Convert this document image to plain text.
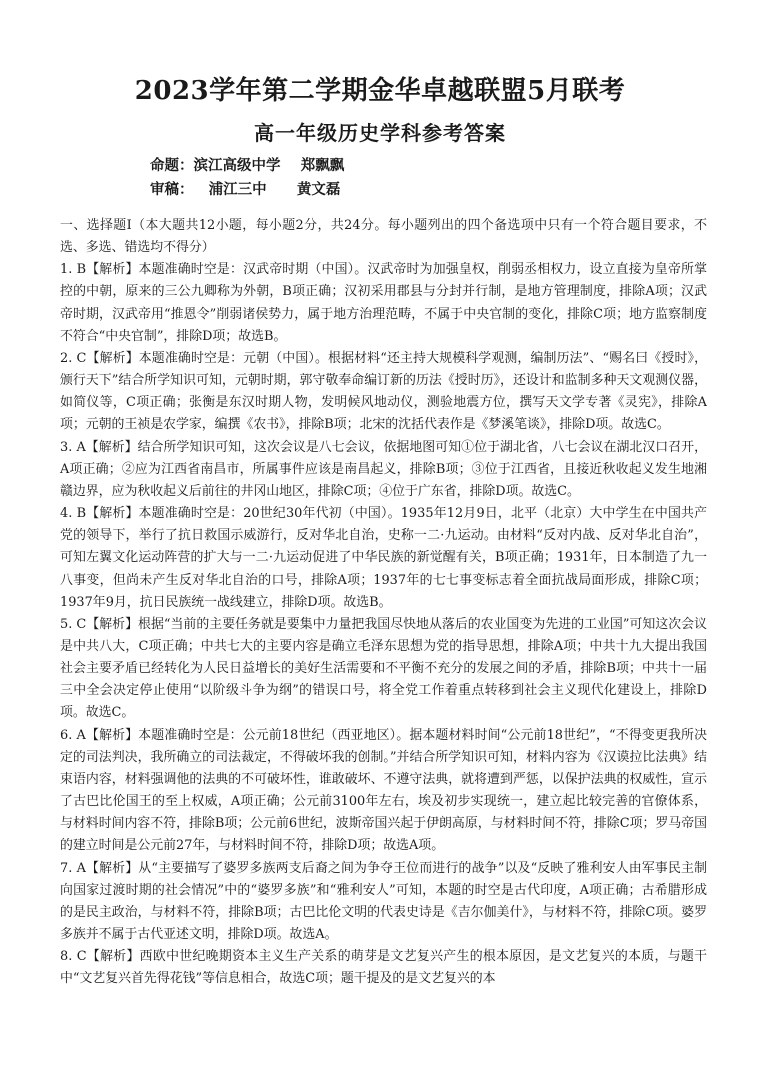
2023学年第二学期金华卓越联盟5月联考
高一年级历史学科参考答案
命题：滨江高级中学    郑飘飘
审稿：   浦江三中      黄文磊

一、选择题Ⅰ（本大题共12小题，每小题2分，共24分。每小题列出的四个备选项中只有一个符合题目要求，不选、多选、错选均不得分）

1. B【解析】本题准确时空是：汉武帝时期（中国）。汉武帝时为加强皇权，削弱丞相权力，设立直接为皇帝所掌控的中朝，原来的三公九卿称为外朝，B项正确；汉初采用郡县与分封并行制，是地方管理制度，排除A项；汉武帝时期，汉武帝用“推恩令”削弱诸侯势力，属于地方治理范畴，不属于中央官制的变化，排除C项；地方监察制度不符合“中央官制”，排除D项；故选B。

2. C【解析】本题准确时空是：元朝（中国）。根据材料“还主持大规模科学观测，编制历法”、“赐名曰《授时》，颁行天下”结合所学知识可知，元朝时期，郭守敬奉命编订新的历法《授时历》，还设计和监制多种天文观测仪器，如简仪等，C项正确；张衡是东汉时期人物，发明候风地动仪，测验地震方位，撰写天文学专著《灵宪》，排除A项；元朝的王祯是农学家，编撰《农书》，排除B项；北宋的沈括代表作是《梦溪笔谈》，排除D项。故选C。

3. A【解析】结合所学知识可知，这次会议是八七会议，依据地图可知①位于湖北省，八七会议在湖北汉口召开，A项正确；②应为江西省南昌市，所属事件应该是南昌起义，排除B项；③位于江西省，且接近秋收起义发生地湘赣边界，应为秋收起义后前往的井冈山地区，排除C项；④位于广东省，排除D项。故选C。

4. B【解析】本题准确时空是：20世纪30年代初（中国）。1935年12月9日，北平（北京）大中学生在中国共产党的领导下，举行了抗日救国示威游行，反对华北自治，史称一二·九运动。由材料“反对内战、反对华北自治”，可知左翼文化运动阵营的扩大与一二·九运动促进了中华民族的新觉醒有关，B项正确；1931年，日本制造了九一八事变，但尚未产生反对华北自治的口号，排除A项；1937年的七七事变标志着全面抗战局面形成，排除C项；1937年9月，抗日民族统一战线建立，排除D项。故选B。

5. C【解析】根据“当前的主要任务就是要集中力量把我国尽快地从落后的农业国变为先进的工业国”可知这次会议是中共八大，C项正确；中共七大的主要内容是确立毛泽东思想为党的指导思想，排除A项；中共十九大提出我国社会主要矛盾已经转化为人民日益增长的美好生活需要和不平衡不充分的发展之间的矛盾，排除B项；中共十一届三中全会决定停止使用“以阶级斗争为纲”的错误口号，将全党工作着重点转移到社会主义现代化建设上，排除D项。故选C。

6. A【解析】本题准确时空是：公元前18世纪（西亚地区）。据本题材料时间“公元前18世纪”，“不得变更我所决定的司法判决，我所确立的司法裁定，不得破坏我的创制。”并结合所学知识可知，材料内容为《汉谟拉比法典》结束语内容，材料强调他的法典的不可破坏性，谁敢破坏、不遵守法典，就将遭到严惩，以保护法典的权威性，宣示了古巴比伦国王的至上权威，A项正确；公元前3100年左右，埃及初步实现统一，建立起比较完善的官僚体系，与材料时间内容不符，排除B项；公元前6世纪，波斯帝国兴起于伊朗高原，与材料时间不符，排除C项；罗马帝国的建立时间是公元前27年，与材料时间不符，排除D项；故选A项。

7. A【解析】从“主要描写了婆罗多族两支后裔之间为争夺王位而进行的战争”以及“反映了雅利安人由军事民主制向国家过渡时期的社会情况”中的“婆罗多族”和“雅利安人”可知，本题的时空是古代印度，A项正确；古希腊形成的是民主政治，与材料不符，排除B项；古巴比伦文明的代表史诗是《吉尔伽美什》，与材料不符，排除C项。婆罗多族并不属于古代亚述文明，排除D项。故选A。

8. C【解析】西欧中世纪晚期资本主义生产关系的萌芽是文艺复兴产生的根本原因，是文艺复兴的本质，与题干中“文艺复兴首先得花钱”等信息相合，故选C项；题干提及的是文艺复兴的本
